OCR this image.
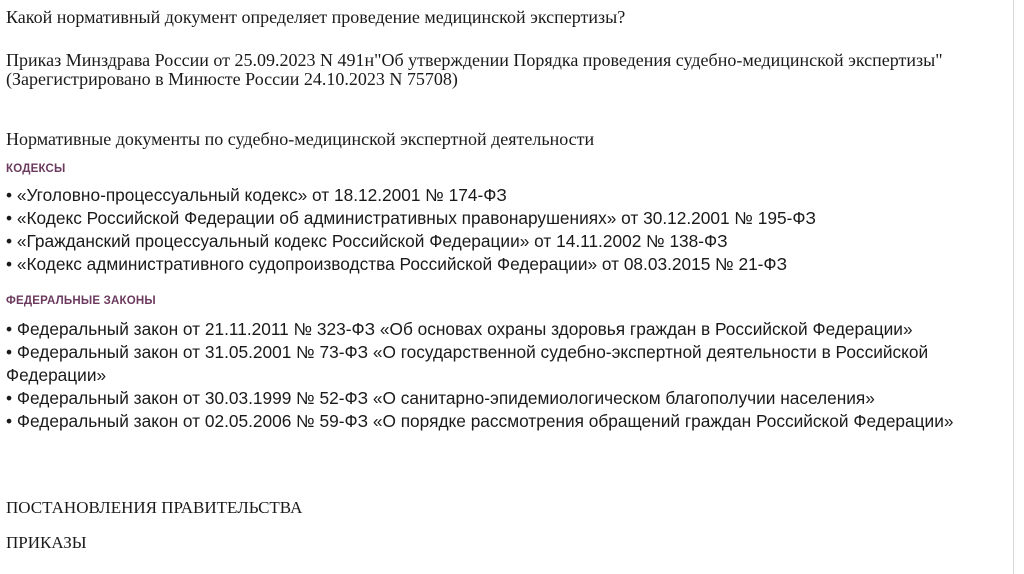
Какой нормативный документ определяет проведение медицинской экспертизы?

Приказ Минздрава России от 25.09.2023 N 491н"Об утверждении Порядка проведения судебно-медицинской экспертизы"(Зарегистрировано в Минюсте России 24.10.2023 N 75708)

Нормативные документы по судебно-медицинской экспертной деятельности

КОДЕКСЫ

• «Уголовно-процессуальный кодекс» от 18.12.2001 № 174-ФЗ
• «Кодекс Российской Федерации об административных правонарушениях» от 30.12.2001 № 195-ФЗ
• «Гражданский процессуальный кодекс Российской Федерации» от 14.11.2002 № 138-ФЗ
• «Кодекс административного судопроизводства Российской Федерации» от 08.03.2015 № 21-ФЗ

ФЕДЕРАЛЬНЫЕ ЗАКОНЫ

• Федеральный закон от 21.11.2011 № 323-ФЗ «Об основах охраны здоровья граждан в Российской Федерации»
• Федеральный закон от 31.05.2001 № 73-ФЗ «О государственной судебно-экспертной деятельности в Российской Федерации»
• Федеральный закон от 30.03.1999 № 52-ФЗ «О санитарно-эпидемиологическом благополучии населения»
• Федеральный закон от 02.05.2006 № 59-ФЗ «О порядке рассмотрения обращений граждан Российской Федерации»

ПОСТАНОВЛЕНИЯ ПРАВИТЕЛЬСТВА

ПРИКАЗЫ
